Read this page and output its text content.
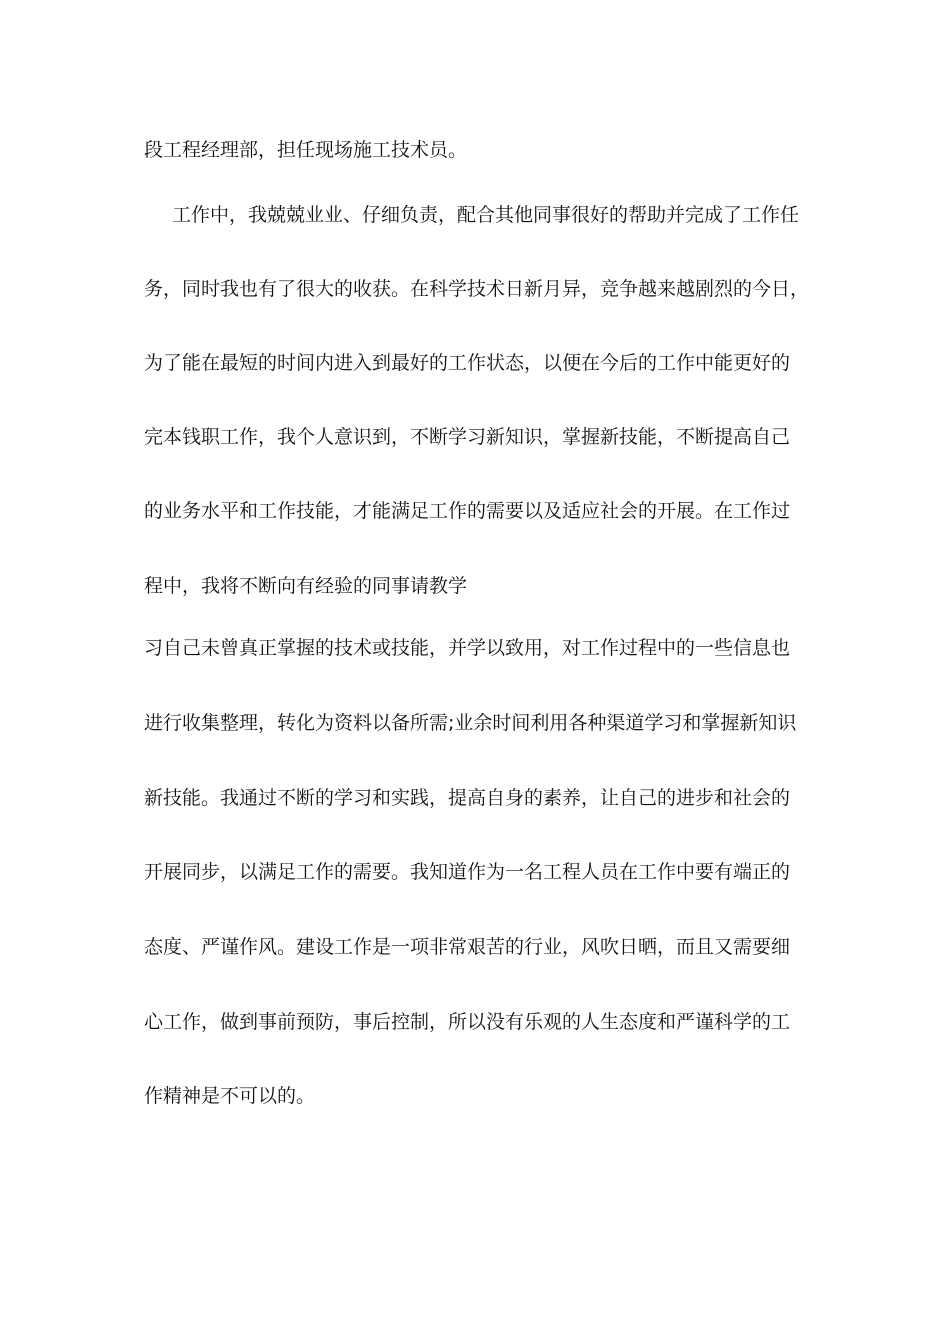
段工程经理部，担任现场施工技术员。
工作中，我兢兢业业、仔细负责，配合其他同事很好的帮助并完成了工作任
务，同时我也有了很大的收获。在科学技术日新月异，竞争越来越剧烈的今日，
为了能在最短的时间内进入到最好的工作状态，以便在今后的工作中能更好的
完本钱职工作，我个人意识到，不断学习新知识，掌握新技能，不断提高自己
的业务水平和工作技能，才能满足工作的需要以及适应社会的开展。在工作过
程中，我将不断向有经验的同事请教学
习自己未曾真正掌握的技术或技能，并学以致用，对工作过程中的一些信息也
进行收集整理，转化为资料以备所需;业余时间利用各种渠道学习和掌握新知识
新技能。我通过不断的学习和实践，提高自身的素养，让自己的进步和社会的
开展同步，以满足工作的需要。我知道作为一名工程人员在工作中要有端正的
态度、严谨作风。建设工作是一项非常艰苦的行业，风吹日晒，而且又需要细
心工作，做到事前预防，事后控制，所以没有乐观的人生态度和严谨科学的工
作精神是不可以的。
